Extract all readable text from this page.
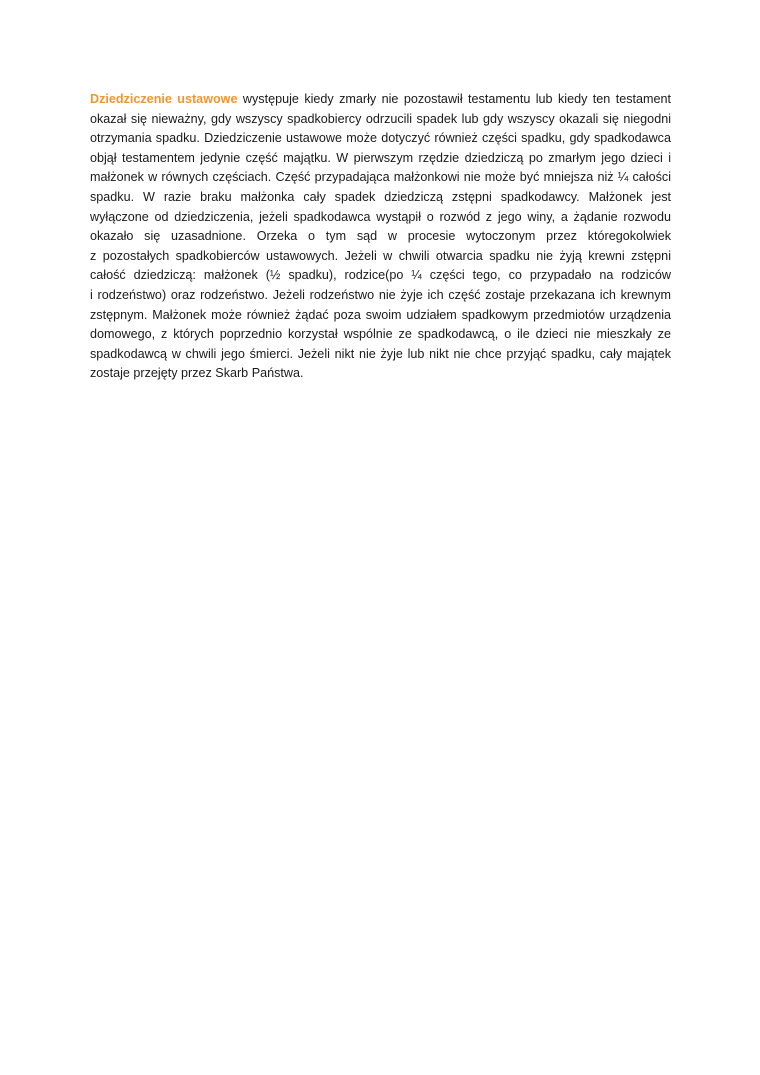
Dziedziczenie ustawowe występuje kiedy zmarły nie pozostawił testamentu lub kiedy ten testament
okazał się nieważny, gdy wszyscy spadkobiercy odrzucili spadek lub gdy wszyscy okazali się niegodni
otrzymania spadku. Dziedziczenie ustawowe może dotyczyć również części spadku, gdy spadkodawca
objął testamentem jedynie część majątku. W pierwszym rzędzie dziedziczą po zmarłym jego dzieci i
małżonek w równych częściach. Część przypadająca małżonkowi nie może być mniejsza niż ¼ całości
spadku. W razie braku małżonka cały spadek dziedziczą zstępni spadkodawcy. Małżonek jest
wyłączone od dziedziczenia, jeżeli spadkodawca wystąpił o rozwód z jego winy, a żądanie rozwodu
okazało się uzasadnione. Orzeka o tym sąd w procesie wytoczonym przez któregokolwiek
z pozostałych spadkobierców ustawowych. Jeżeli w chwili otwarcia spadku nie żyją krewni zstępni
całość dziedziczą: małżonek (½ spadku), rodzice(po ¼ części tego, co przypadało na rodziców
i rodzeństwo) oraz rodzeństwo. Jeżeli rodzeństwo nie żyje ich część zostaje przekazana ich krewnym
zstępnym. Małżonek może również żądać poza swoim udziałem spadkowym przedmiotów urządzenia
domowego, z których poprzednio korzystał wspólnie ze spadkodawcą, o ile dzieci nie mieszkały ze
spadkodawcą w chwili jego śmierci. Jeżeli nikt nie żyje lub nikt nie chce przyjąć spadku, cały majątek
zostaje przejęty przez Skarb Państwa.
